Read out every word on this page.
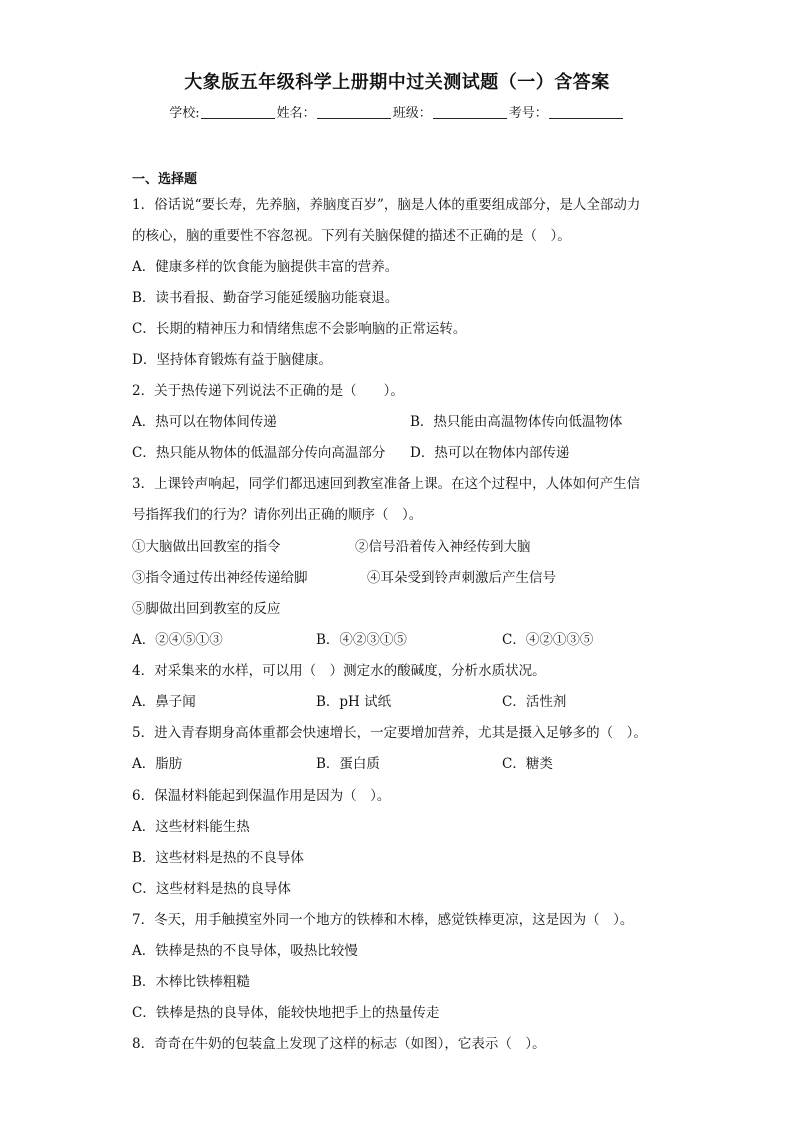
大象版五年级科学上册期中过关测试题（一）含答案
学校:	姓名：	班级：	考号：
一、选择题
1．俗话说“要长寿，先养脑，养脑度百岁”，脑是人体的重要组成部分，是人全部动力
的核心，脑的重要性不容忽视。下列有关脑保健的描述不正确的是（　）。
A．健康多样的饮食能为脑提供丰富的营养。
B．读书看报、勤奋学习能延缓脑功能衰退。
C．长期的精神压力和情绪焦虑不会影响脑的正常运转。
D．坚持体育锻炼有益于脑健康。
2．关于热传递下列说法不正确的是（　　）。
A．热可以在物体间传递	B．热只能由高温物体传向低温物体
C．热只能从物体的低温部分传向高温部分 D．热可以在物体内部传递
3．上课铃声响起，同学们都迅速回到教室准备上课。在这个过程中，人体如何产生信
号指挥我们的行为？请你列出正确的顺序（　）。
①大脑做出回教室的指令	②信号沿着传入神经传到大脑
③指令通过传出神经传递给脚	④耳朵受到铃声刺激后产生信号
⑤脚做出回到教室的反应
A．②④⑤①③	B．④②③①⑤	C．④②①③⑤
4．对采集来的水样，可以用（　）测定水的酸碱度，分析水质状况。
A．鼻子闻	B．pH 试纸	C．活性剂
5．进入青春期身高体重都会快速增长，一定要增加营养，尤其是摄入足够多的（　）。
A．脂肪	B．蛋白质	C．糖类
6．保温材料能起到保温作用是因为（　）。
A．这些材料能生热
B．这些材料是热的不良导体
C．这些材料是热的良导体
7．冬天，用手触摸室外同一个地方的铁棒和木棒，感觉铁棒更凉，这是因为（　）。
A．铁棒是热的不良导体，吸热比较慢
B．木棒比铁棒粗糙
C．铁棒是热的良导体，能较快地把手上的热量传走
8．奇奇在牛奶的包装盒上发现了这样的标志（如图），它表示（　）。
